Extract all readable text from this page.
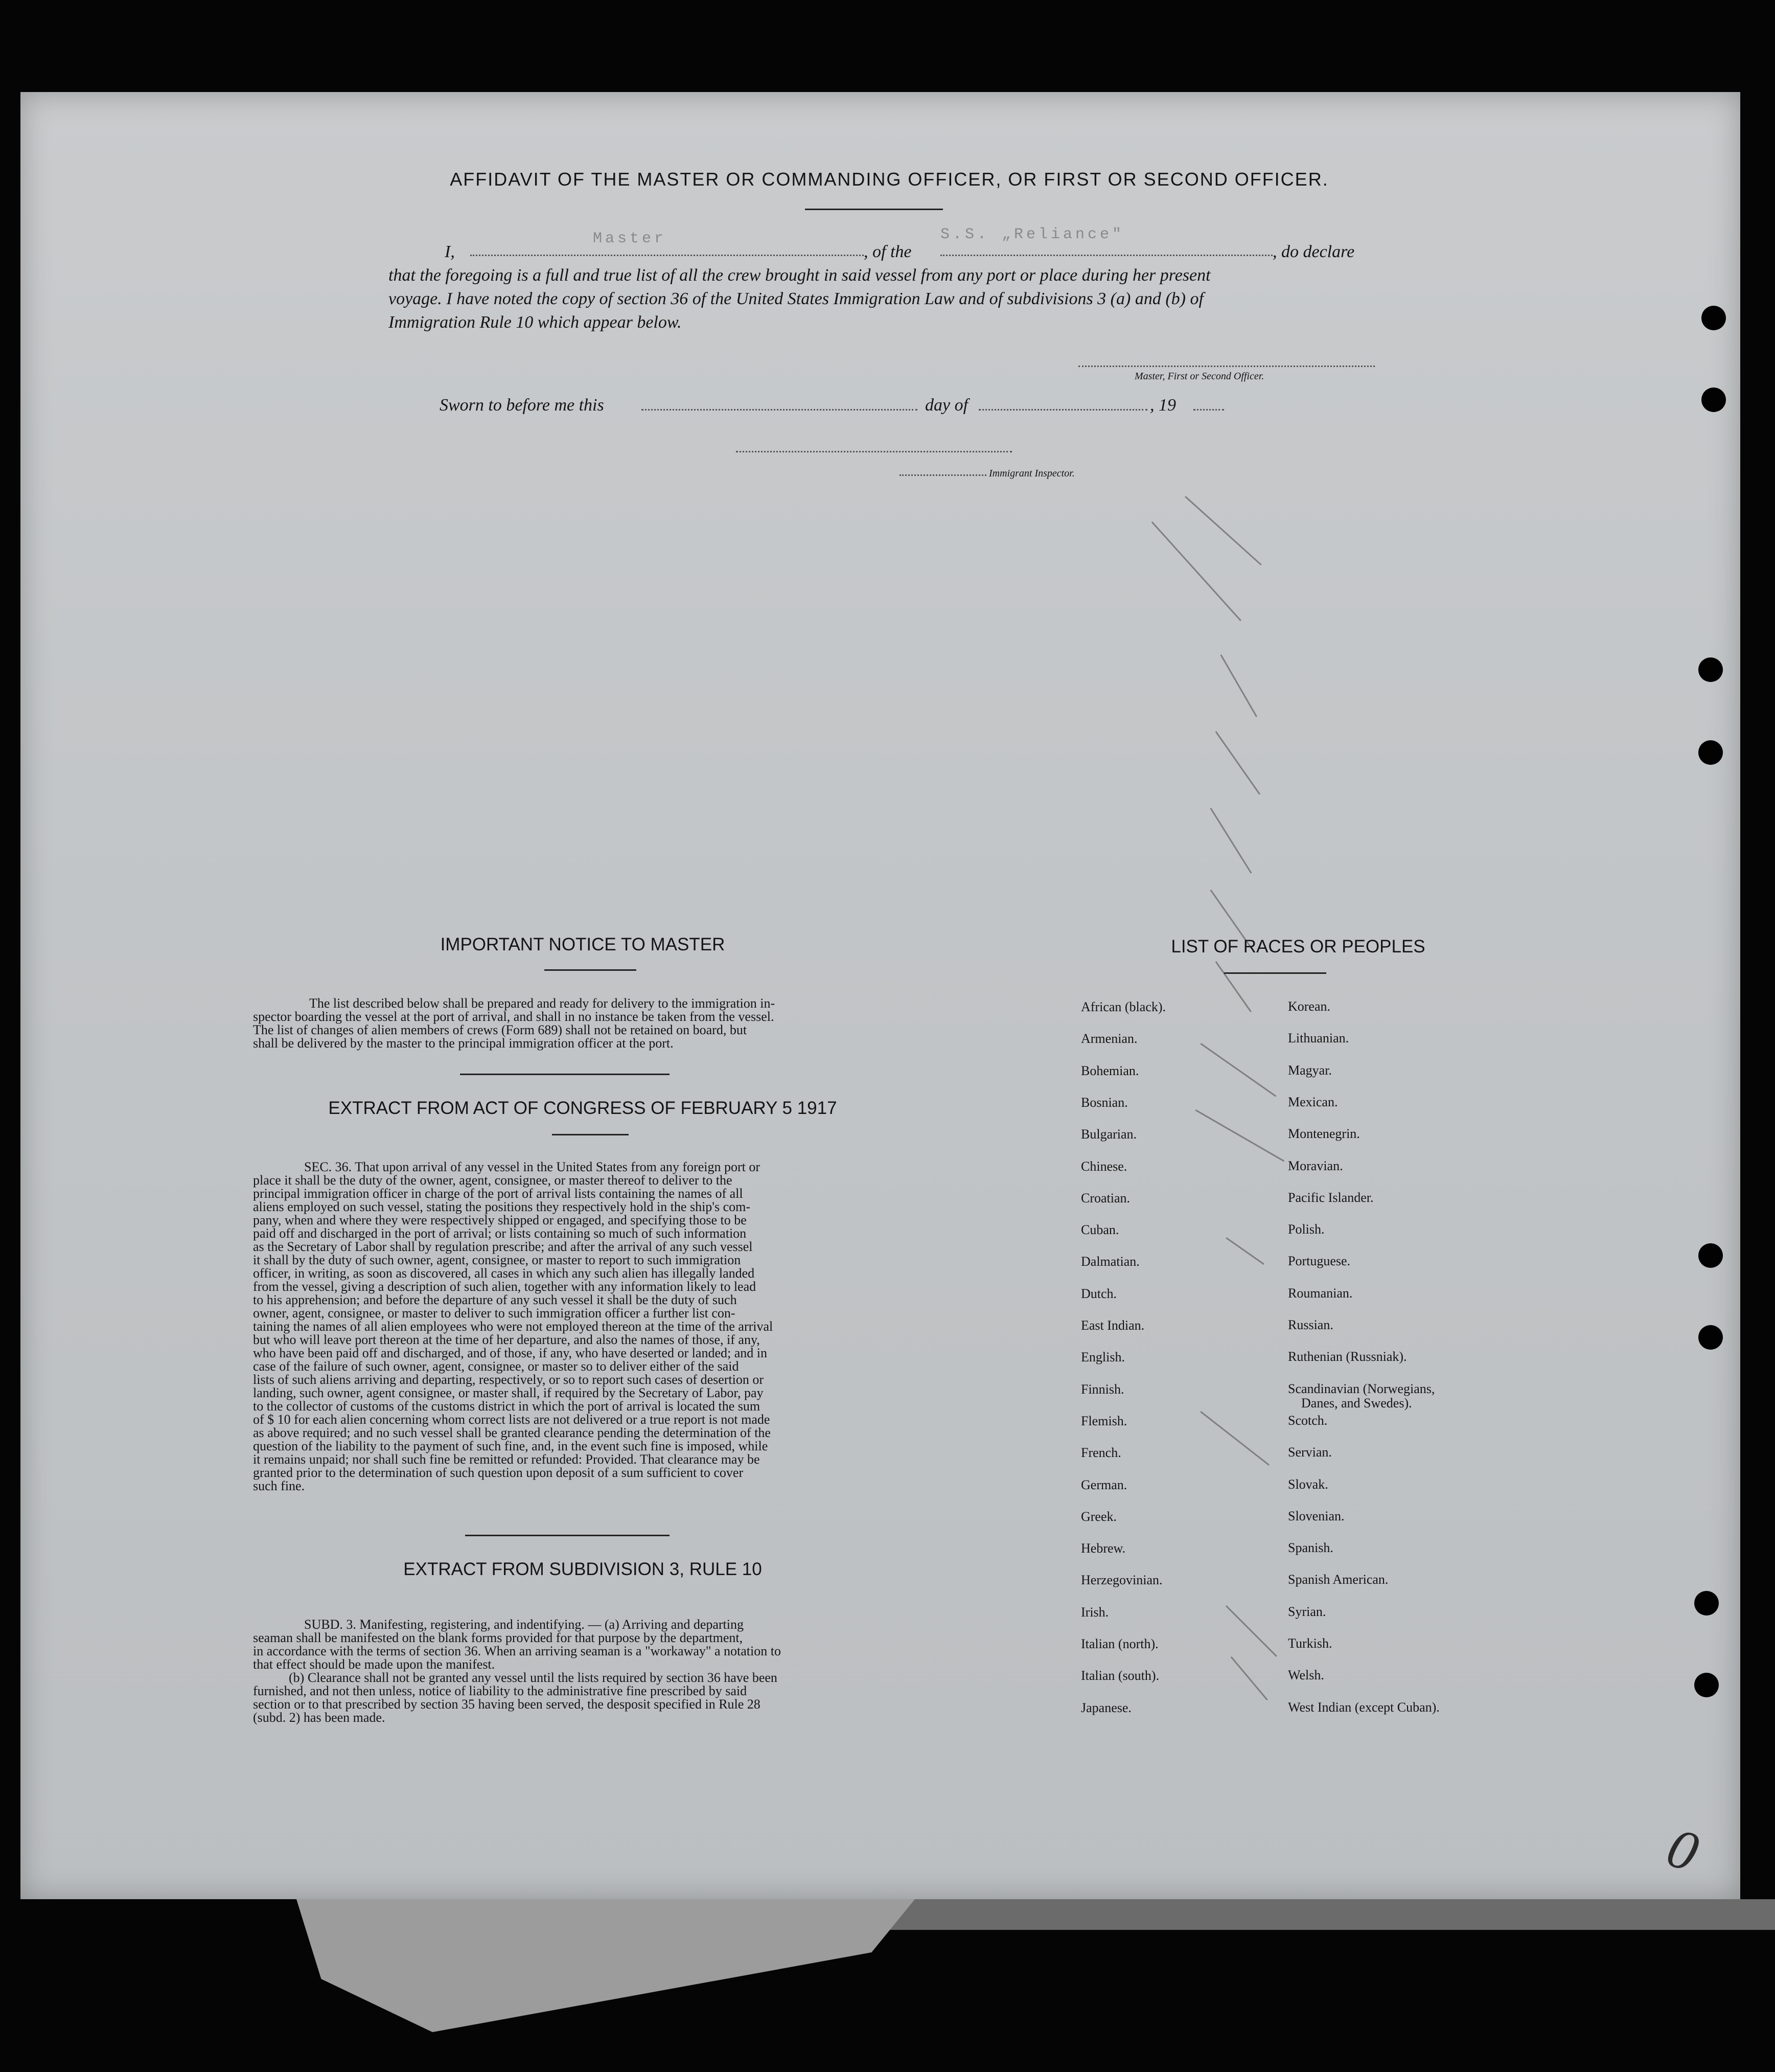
AFFIDAVIT OF THE MASTER OR COMMANDING OFFICER, OR FIRST OR SECOND OFFICER.
I,
Master
, of the
S.S. „Reliance"
, do declare
that the foregoing is a full and true list of all the crew brought in said vessel from any port or place during her present
voyage. I have noted the copy of section 36 of the United States Immigration Law and of subdivisions 3 (a) and (b) of
Immigration Rule 10 which appear below.
Master, First or Second Officer.
Sworn to before me this	day of	, 19
Immigrant Inspector.
IMPORTANT NOTICE TO MASTER
The list described below shall be prepared and ready for delivery to the immigration in-
spector boarding the vessel at the port of arrival, and shall in no instance be taken from the vessel.
The list of changes of alien members of crews (Form 689) shall not be retained on board, but
shall be delivered by the master to the principal immigration officer at the port.
EXTRACT FROM ACT OF CONGRESS OF FEBRUARY 5 1917
SEC. 36. That upon arrival of any vessel in the United States from any foreign port or
place it shall be the duty of the owner, agent, consignee, or master thereof to deliver to the
principal immigration officer in charge of the port of arrival lists containing the names of all
aliens employed on such vessel, stating the positions they respectively hold in the ship's com-
pany, when and where they were respectively shipped or engaged, and specifying those to be
paid off and discharged in the port of arrival; or lists containing so much of such information
as the Secretary of Labor shall by regulation prescribe; and after the arrival of any such vessel
it shall by the duty of such owner, agent, consignee, or master to report to such immigration
officer, in writing, as soon as discovered, all cases in which any such alien has illegally landed
from the vessel, giving a description of such alien, together with any information likely to lead
to his apprehension; and before the departure of any such vessel it shall be the duty of such
owner, agent, consignee, or master to deliver to such immigration officer a further list con-
taining the names of all alien employees who were not employed thereon at the time of the arrival
but who will leave port thereon at the time of her departure, and also the names of those, if any,
who have been paid off and discharged, and of those, if any, who have deserted or landed; and in
case of the failure of such owner, agent, consignee, or master so to deliver either of the said
lists of such aliens arriving and departing, respectively, or so to report such cases of desertion or
landing, such owner, agent consignee, or master shall, if required by the Secretary of Labor, pay
to the collector of customs of the customs district in which the port of arrival is located the sum
of $ 10 for each alien concerning whom correct lists are not delivered or a true report is not made
as above required; and no such vessel shall be granted clearance pending the determination of the
question of the liability to the payment of such fine, and, in the event such fine is imposed, while
it remains unpaid; nor shall such fine be remitted or refunded: Provided. That clearance may be
granted prior to the determination of such question upon deposit of a sum sufficient to cover
such fine.
EXTRACT FROM SUBDIVISION 3, RULE 10
SUBD. 3. Manifesting, registering, and indentifying. — (a) Arriving and departing
seaman shall be manifested on the blank forms provided for that purpose by the department,
in accordance with the terms of section 36. When an arriving seaman is a "workaway" a notation to
that effect should be made upon the manifest.
(b) Clearance shall not be granted any vessel until the lists required by section 36 have been
furnished, and not then unless, notice of liability to the administrative fine prescribed by said
section or to that prescribed by section 35 having been served, the desposit specified in Rule 28
(subd. 2) has been made.
LIST OF RACES OR PEOPLES
0
African (black).
Armenian.
Bohemian.
Bosnian.
Bulgarian.
Chinese.
Croatian.
Cuban.
Dalmatian.
Dutch.
East Indian.
English.
Finnish.
Flemish.
French.
German.
Greek.
Hebrew.
Herzegovinian.
Irish.
Italian (north).
Italian (south).
Japanese.
Korean.
Lithuanian.
Magyar.
Mexican.
Montenegrin.
Moravian.
Pacific Islander.
Polish.
Portuguese.
Roumanian.
Russian.
Ruthenian (Russniak).
Scandinavian (Norwegians,
Danes, and Swedes).
Scotch.
Servian.
Slovak.
Slovenian.
Spanish.
Spanish American.
Syrian.
Turkish.
Welsh.
West Indian (except Cuban).
